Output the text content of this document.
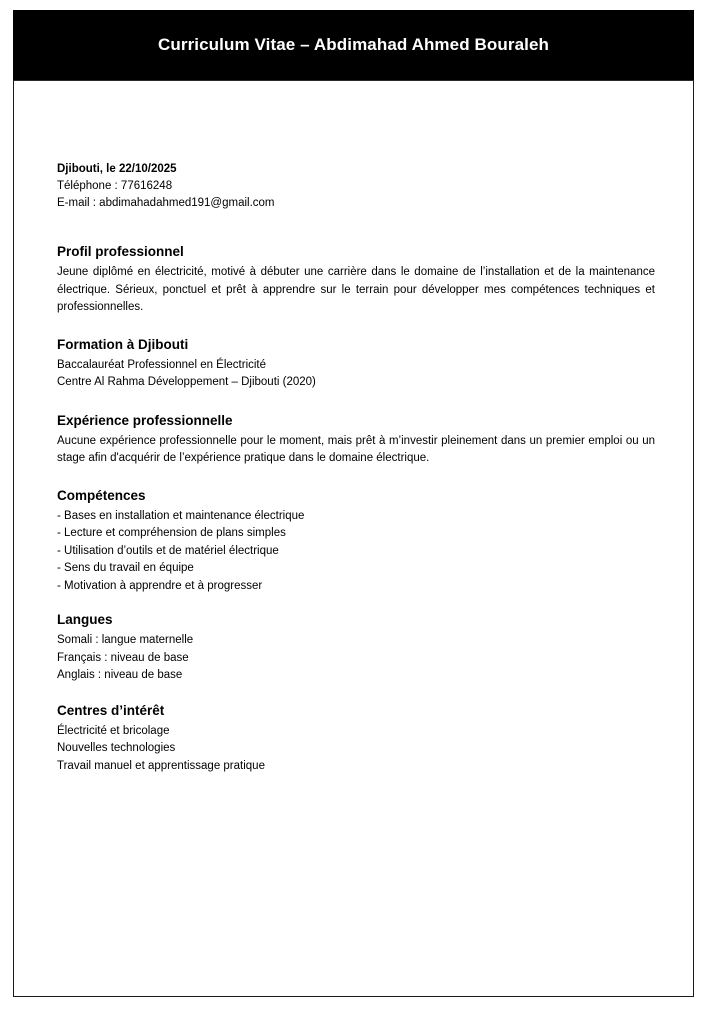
Curriculum Vitae – Abdimahad Ahmed Bouraleh
Djibouti, le 22/10/2025
Téléphone : 77616248
E-mail : abdimahadahmed191@gmail.com
Profil professionnel

Jeune diplômé en électricité, motivé à débuter une carrière dans le domaine de l’installation et de la maintenance électrique. Sérieux, ponctuel et prêt à apprendre sur le terrain pour développer mes compétences techniques et professionnelles.

Formation à Djibouti
Baccalauréat Professionnel en Électricité
Centre Al Rahma Développement – Djibouti (2020)
Expérience professionnelle

Aucune expérience professionnelle pour le moment, mais prêt à m’investir pleinement dans un premier emploi ou un stage afin d'acquérir de l’expérience pratique dans le domaine électrique.

Compétences
- Bases en installation et maintenance électrique
- Lecture et compréhension de plans simples
- Utilisation d’outils et de matériel électrique
- Sens du travail en équipe
- Motivation à apprendre et à progresser
Langues
Somali : langue maternelle
Français : niveau de base
Anglais : niveau de base
Centres d’intérêt
Électricité et bricolage
Nouvelles technologies
Travail manuel et apprentissage pratique
